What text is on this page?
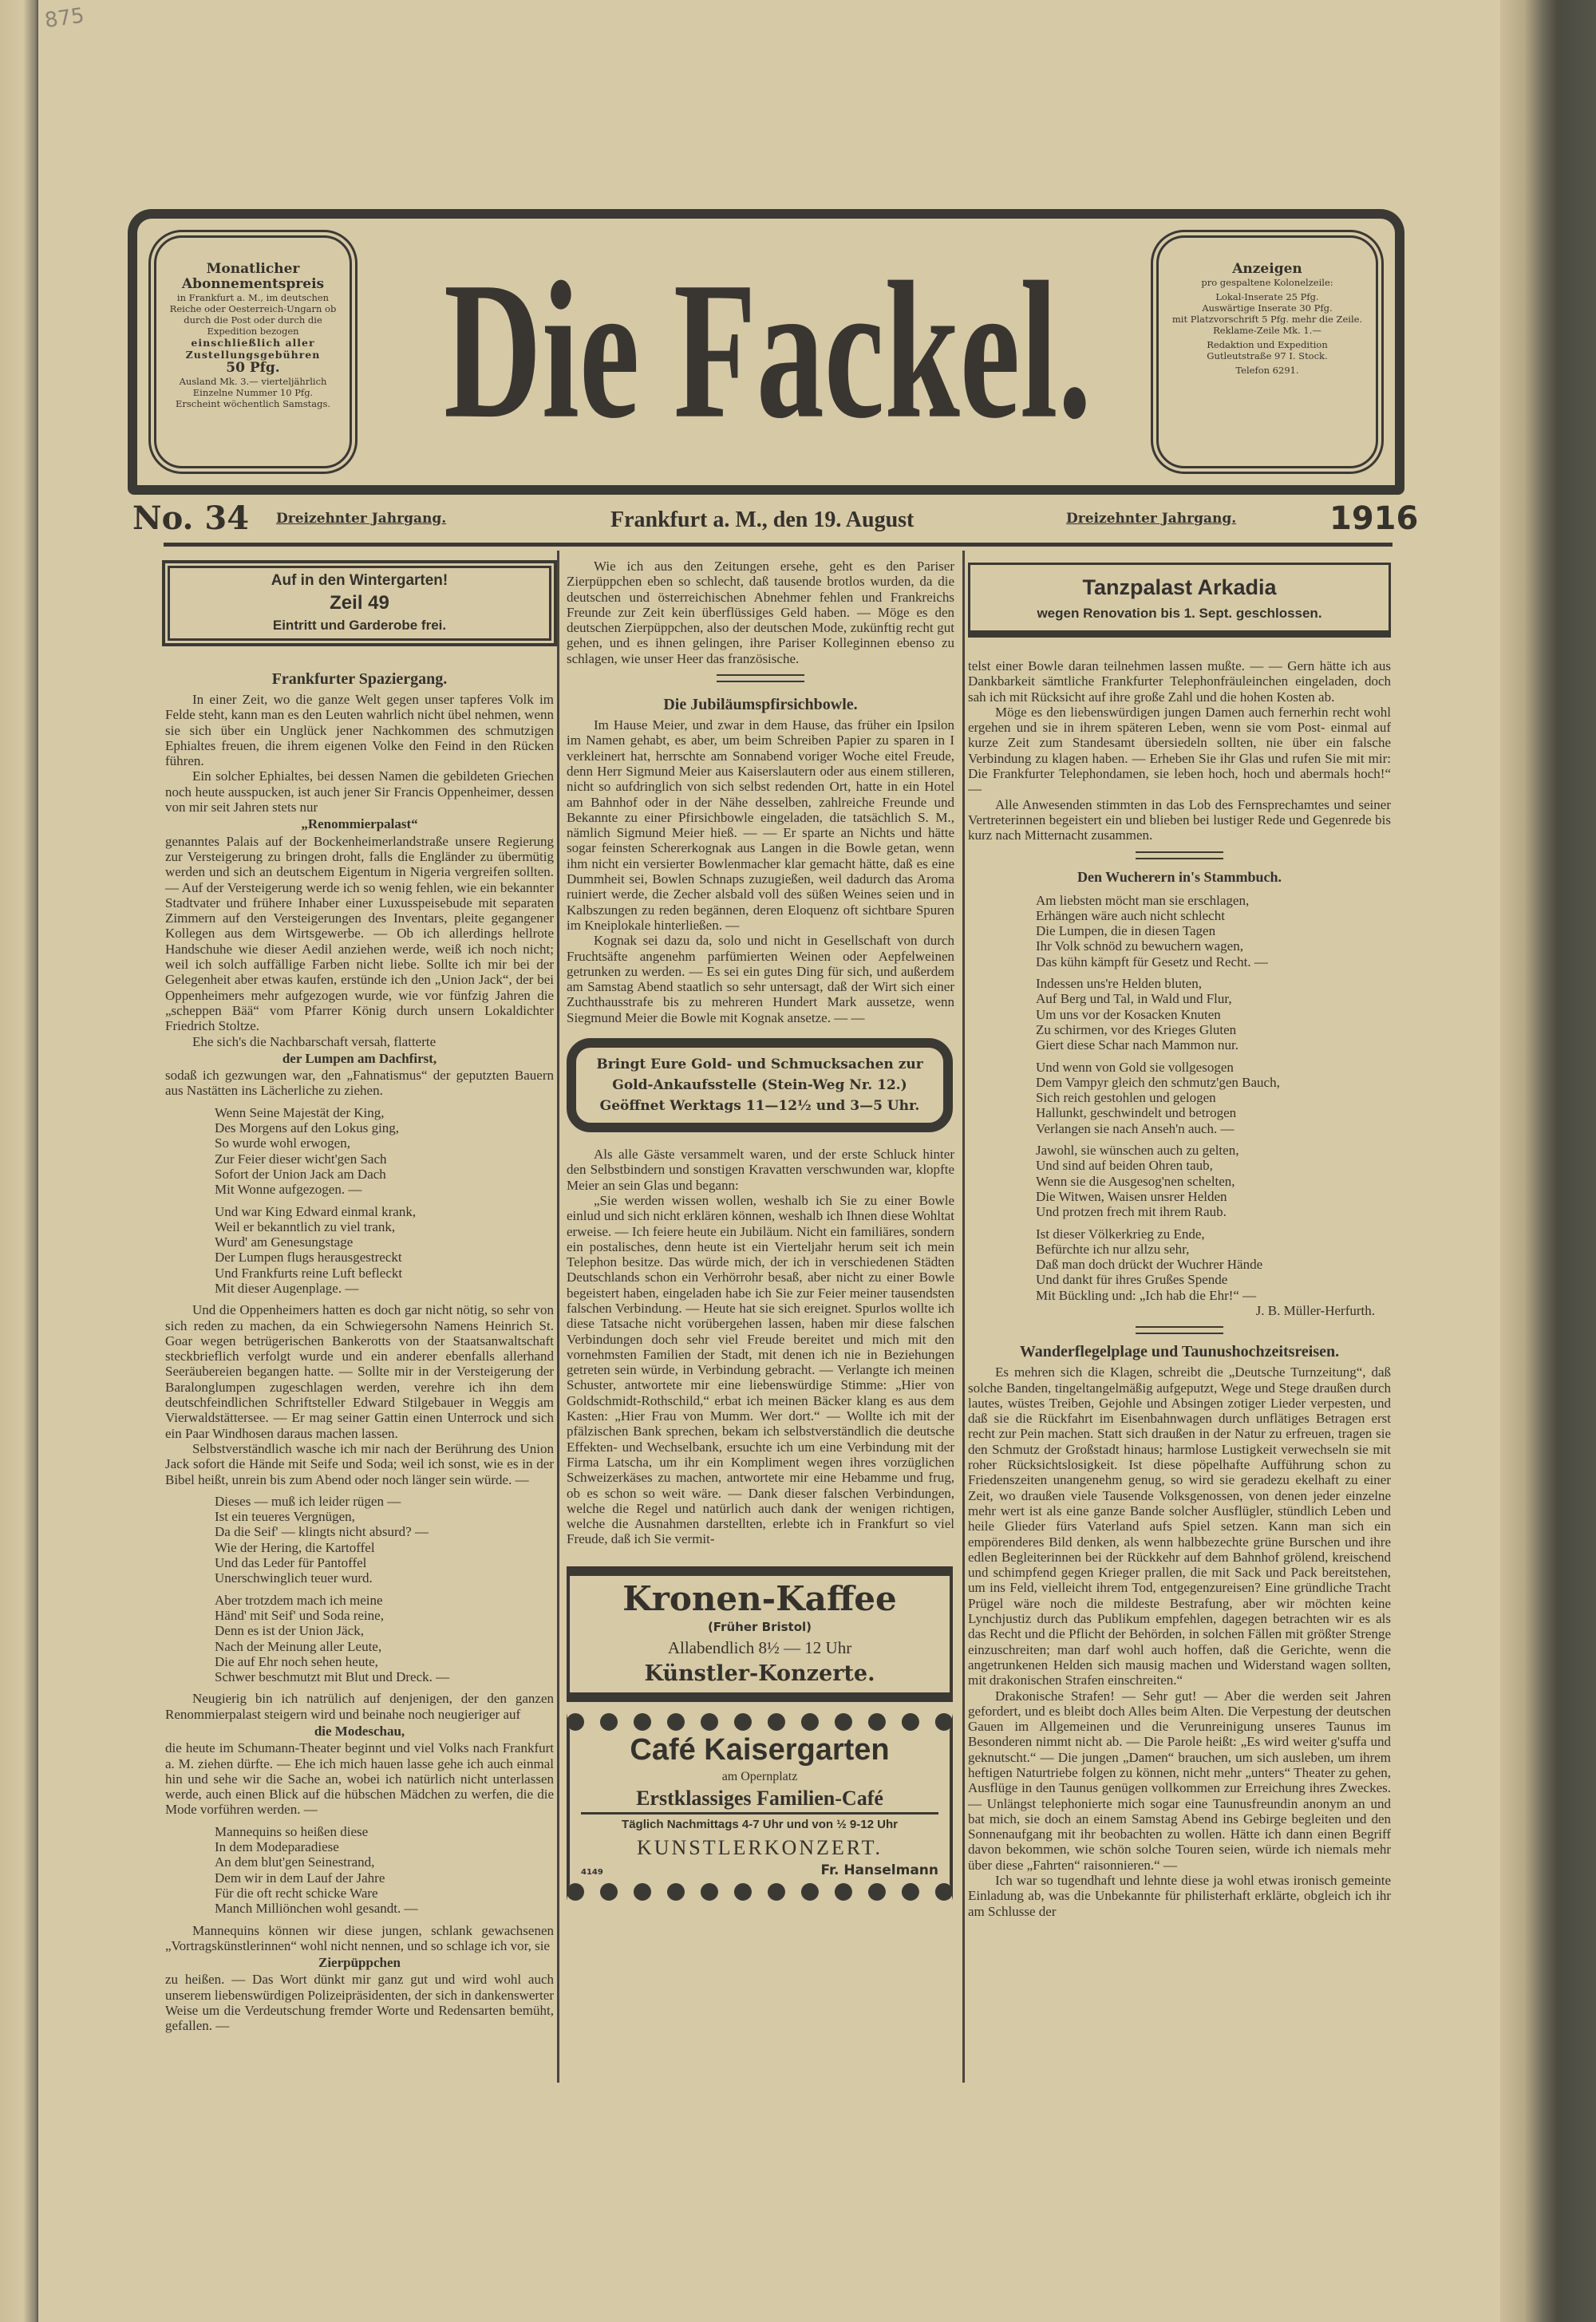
875
Monatlicher
Abonnementspreis
in Frankfurt a. M., im deutschen Reiche oder Oesterreich-Ungarn ob durch die Post oder durch die Expedition bezogen
einschließlich aller Zustellungsgebühren
50 Pfg.
Ausland Mk. 3.— vierteljährlich
Einzelne Nummer 10 Pfg.
Erscheint wöchentlich Samstags. Die Fackel.	Anzeigen
pro gespaltene Kolonelzeile:
Lokal-Inserate 25 Pfg.
Auswärtige Inserate 30 Pfg.
mit Platzvorschrift 5 Pfg. mehr die Zeile.
Reklame-Zeile Mk. 1.—
Redaktion und Expedition
Gutleutstraße 97 I. Stock.
Telefon 6291.
No. 34 Dreizehnter Jahrgang.	Frankfurt a. M., den 19. August	Dreizehnter Jahrgang.	1916
Auf in den Wintergarten!
Zeil 49
Eintritt und Garderobe frei.
Frankfurter Spaziergang.

In einer Zeit, wo die ganze Welt gegen unser tapferes Volk im Felde steht, kann man es den Leuten wahrlich nicht übel nehmen, wenn sie sich über ein Unglück jener Nachkommen des schmutzigen Ephialtes freuen, die ihrem eigenen Volke den Feind in den Rücken führen.

Ein solcher Ephialtes, bei dessen Namen die gebildeten Griechen noch heute ausspucken, ist auch jener Sir Francis Oppenheimer, dessen von mir seit Jahren stets nur

„Renommierpalast“

genanntes Palais auf der Bockenheimerlandstraße unsere Regierung zur Versteigerung zu bringen droht, falls die Engländer zu übermütig werden und sich an deutschem Eigentum in Nigeria vergreifen sollten. — Auf der Versteigerung werde ich so wenig fehlen, wie ein bekannter Stadtvater und frühere Inhaber einer Luxusspeisebude mit separaten Zimmern auf den Versteigerungen des Inventars, pleite gegangener Kollegen aus dem Wirtsgewerbe. — Ob ich allerdings hellrote Handschuhe wie dieser Aedil anziehen werde, weiß ich noch nicht; weil ich solch auffällige Farben nicht liebe. Sollte ich mir bei der Gelegenheit aber etwas kaufen, erstünde ich den „Union Jack“, der bei Oppenheimers mehr aufgezogen wurde, wie vor fünfzig Jahren die „scheppen Bää“ vom Pfarrer König durch unsern Lokaldichter Friedrich Stoltze.

Ehe sich's die Nachbarschaft versah, flatterte

der Lumpen am Dachfirst,

sodaß ich gezwungen war, den „Fahnatismus“ der geputzten Bauern aus Nastätten ins Lächerliche zu ziehen.

Wenn Seine Majestät der King,
Des Morgens auf den Lokus ging,
So wurde wohl erwogen,
Zur Feier dieser wicht'gen Sach
Sofort der Union Jack am Dach
Mit Wonne aufgezogen. —
Und war King Edward einmal krank,
Weil er bekanntlich zu viel trank,
Wurd' am Genesungstage
Der Lumpen flugs herausgestreckt
Und Frankfurts reine Luft befleckt
Mit dieser Augenplage. —

Und die Oppenheimers hatten es doch gar nicht nötig, so sehr von sich reden zu machen, da ein Schwiegersohn Namens Heinrich St. Goar wegen betrügerischen Bankerotts von der Staatsanwaltschaft steckbrieflich verfolgt wurde und ein anderer ebenfalls allerhand Seeräubereien begangen hatte. — Sollte mir in der Versteigerung der Baralonglumpen zugeschlagen werden, verehre ich ihn dem deutschfeindlichen Schriftsteller Edward Stilgebauer in Weggis am Vierwaldstättersee. — Er mag seiner Gattin einen Unterrock und sich ein Paar Windhosen daraus machen lassen.

Selbstverständlich wasche ich mir nach der Berührung des Union Jack sofort die Hände mit Seife und Soda; weil ich sonst, wie es in der Bibel heißt, unrein bis zum Abend oder noch länger sein würde. —

Dieses — muß ich leider rügen —
Ist ein teueres Vergnügen,
Da die Seif' — klingts nicht absurd? —
Wie der Hering, die Kartoffel
Und das Leder für Pantoffel
Unerschwinglich teuer wurd.
Aber trotzdem mach ich meine
Händ' mit Seif' und Soda reine,
Denn es ist der Union Jäck,
Nach der Meinung aller Leute,
Die auf Ehr noch sehen heute,
Schwer beschmutzt mit Blut und Dreck. —

Neugierig bin ich natrülich auf denjenigen, der den ganzen Renommierpalast steigern wird und beinahe noch neugieriger auf

die Modeschau,

die heute im Schumann-Theater beginnt und viel Volks nach Frankfurt a. M. ziehen dürfte. — Ehe ich mich hauen lasse gehe ich auch einmal hin und sehe wir die Sache an, wobei ich natürlich nicht unterlassen werde, auch einen Blick auf die hübschen Mädchen zu werfen, die die Mode vorführen werden. —

Mannequins so heißen diese
In dem Modeparadiese
An dem blut'gen Seinestrand,
Dem wir in dem Lauf der Jahre
Für die oft recht schicke Ware
Manch Milliönchen wohl gesandt. —

Mannequins können wir diese jungen, schlank gewachsenen „Vortragskünstlerinnen“ wohl nicht nennen, und so schlage ich vor, sie

Zierpüppchen

zu heißen. — Das Wort dünkt mir ganz gut und wird wohl auch unserem liebenswürdigen Polizeipräsidenten, der sich in dankenswerter Weise um die Verdeutschung fremder Worte und Redensarten bemüht, gefallen. —

Wie ich aus den Zeitungen ersehe, geht es den Pariser Zierpüppchen eben so schlecht, daß tausende brotlos wurden, da die deutschen und österreichischen Abnehmer fehlen und Frankreichs Freunde zur Zeit kein überflüssiges Geld haben. — Möge es den deutschen Zierpüppchen, also der deutschen Mode, zukünftig recht gut gehen, und es ihnen gelingen, ihre Pariser Kolleginnen ebenso zu schlagen, wie unser Heer das französische.

Die Jubiläumspfirsichbowle.

Im Hause Meier, und zwar in dem Hause, das früher ein Ipsilon im Namen gehabt, es aber, um beim Schreiben Papier zu sparen in I verkleinert hat, herrschte am Sonnabend voriger Woche eitel Freude, denn Herr Sigmund Meier aus Kaiserslautern oder aus einem stilleren, nicht so aufdringlich von sich selbst redenden Ort, hatte in ein Hotel am Bahnhof oder in der Nähe desselben, zahlreiche Freunde und Bekannte zu einer Pfirsichbowle eingeladen, die tatsächlich S. M., nämlich Sigmund Meier hieß. — — Er sparte an Nichts und hätte sogar feinsten Schererkognak aus Langen in die Bowle getan, wenn ihm nicht ein versierter Bowlenmacher klar gemacht hätte, daß es eine Dummheit sei, Bowlen Schnaps zuzugießen, weil dadurch das Aroma ruiniert werde, die Zecher alsbald voll des süßen Weines seien und in Kalbszungen zu reden begännen, deren Eloquenz oft sichtbare Spuren im Kneiplokale hinterließen. —

Kognak sei dazu da, solo und nicht in Gesellschaft von durch Fruchtsäfte angenehm parfümierten Weinen oder Aepfelweinen getrunken zu werden. — Es sei ein gutes Ding für sich, und außerdem am Samstag Abend staatlich so sehr untersagt, daß der Wirt sich einer Zuchthausstrafe bis zu mehreren Hundert Mark aussetze, wenn Siegmund Meier die Bowle mit Kognak ansetze. — —

Bringt Eure Gold- und Schmucksachen zur
Gold-Ankaufsstelle (Stein-Weg Nr. 12.)
Geöffnet Werktags 11—12½ und 3—5 Uhr.

Als alle Gäste versammelt waren, und der erste Schluck hinter den Selbstbindern und sonstigen Kravatten verschwunden war, klopfte Meier an sein Glas und begann:

„Sie werden wissen wollen, weshalb ich Sie zu einer Bowle einlud und sich nicht erklären können, weshalb ich Ihnen diese Wohltat erweise. — Ich feiere heute ein Jubiläum. Nicht ein familiäres, sondern ein postalisches, denn heute ist ein Vierteljahr herum seit ich mein Telephon besitze. Das würde mich, der ich in verschiedenen Städten Deutschlands schon ein Verhörrohr besaß, aber nicht zu einer Bowle begeistert haben, eingeladen habe ich Sie zur Feier meiner tausendsten falschen Verbindung. — Heute hat sie sich ereignet. Spurlos wollte ich diese Tatsache nicht vorübergehen lassen, haben mir diese falschen Verbindungen doch sehr viel Freude bereitet und mich mit den vornehmsten Familien der Stadt, mit denen ich nie in Beziehungen getreten sein würde, in Verbindung gebracht. — Verlangte ich meinen Schuster, antwortete mir eine liebenswürdige Stimme: „Hier von Goldschmidt-Rothschild,“ erbat ich meinen Bäcker klang es aus dem Kasten: „Hier Frau von Mumm. Wer dort.“ — Wollte ich mit der pfälzischen Bank sprechen, bekam ich selbstverständlich die deutsche Effekten- und Wechselbank, ersuchte ich um eine Verbindung mit der Firma Latscha, um ihr ein Kompliment wegen ihres vorzüglichen Schweizerkäses zu machen, antwortete mir eine Hebamme und frug, ob es schon so weit wäre. — Dank dieser falschen Verbindungen, welche die Regel und natürlich auch dank der wenigen richtigen, welche die Ausnahmen darstellten, erlebte ich in Frankfurt so viel Freude, daß ich Sie vermit-

Kronen-Kaffee
(Früher Bristol)
Allabendlich 8½ — 12 Uhr
Künstler-Konzerte.
Café Kaisergarten
am Opernplatz
Erstklassiges Familien-Café
Täglich Nachmittags 4-7 Uhr und von ½ 9-12 Uhr
KUNSTLERKONZERT.
4149	Fr. Hanselmann
Tanzpalast Arkadia
wegen Renovation bis 1. Sept. geschlossen.

telst einer Bowle daran teilnehmen lassen mußte. — — Gern hätte ich aus Dankbarkeit sämtliche Frankfurter Telephonfräuleinchen eingeladen, doch sah ich mit Rücksicht auf ihre große Zahl und die hohen Kosten ab.

Möge es den liebenswürdigen jungen Damen auch fernerhin recht wohl ergehen und sie in ihrem späteren Leben, wenn sie vom Post- einmal auf kurze Zeit zum Standesamt übersiedeln sollten, nie über ein falsche Verbindung zu klagen haben. — Erheben Sie ihr Glas und rufen Sie mit mir: Die Frankfurter Telephondamen, sie leben hoch, hoch und abermals hoch!“ —

Alle Anwesenden stimmten in das Lob des Fernsprechamtes und seiner Vertreterinnen begeistert ein und blieben bei lustiger Rede und Gegenrede bis kurz nach Mitternacht zusammen.

Den Wucherern in's Stammbuch.
Am liebsten möcht man sie erschlagen,
Erhängen wäre auch nicht schlecht
Die Lumpen, die in diesen Tagen
Ihr Volk schnöd zu bewuchern wagen,
Das kühn kämpft für Gesetz und Recht. —
Indessen uns're Helden bluten,
Auf Berg und Tal, in Wald und Flur,
Um uns vor der Kosacken Knuten
Zu schirmen, vor des Krieges Gluten
Giert diese Schar nach Mammon nur.
Und wenn von Gold sie vollgesogen
Dem Vampyr gleich den schmutz'gen Bauch,
Sich reich gestohlen und gelogen
Hallunkt, geschwindelt und betrogen
Verlangen sie nach Anseh'n auch. —
Jawohl, sie wünschen auch zu gelten,
Und sind auf beiden Ohren taub,
Wenn sie die Ausgesog'nen schelten,
Die Witwen, Waisen unsrer Helden
Und protzen frech mit ihrem Raub.
Ist dieser Völkerkrieg zu Ende,
Befürchte ich nur allzu sehr,
Daß man doch drückt der Wuchrer Hände
Und dankt für ihres Grußes Spende
Mit Bückling und: „Ich hab die Ehr!“ —
J. B. Müller-Herfurth.
Wanderflegelplage und Taunushochzeitsreisen.

Es mehren sich die Klagen, schreibt die „Deutsche Turnzeitung“, daß solche Banden, tingeltangelmäßig aufgeputzt, Wege und Stege draußen durch lautes, wüstes Treiben, Gejohle und Absingen zotiger Lieder verpesten, und daß sie die Rückfahrt im Eisenbahnwagen durch unflätiges Betragen erst recht zur Pein machen. Statt sich draußen in der Natur zu erfreuen, tragen sie den Schmutz der Großstadt hinaus; harmlose Lustigkeit verwechseln sie mit roher Rücksichtslosigkeit. Ist diese pöpelhafte Aufführung schon zu Friedenszeiten unangenehm genug, so wird sie geradezu ekelhaft zu einer Zeit, wo draußen viele Tausende Volksgenossen, von denen jeder einzelne mehr wert ist als eine ganze Bande solcher Ausflügler, stündlich Leben und heile Glieder fürs Vaterland aufs Spiel setzen. Kann man sich ein empörenderes Bild denken, als wenn halbbezechte grüne Burschen und ihre edlen Begleiterinnen bei der Rückkehr auf dem Bahnhof grölend, kreischend und schimpfend gegen Krieger prallen, die mit Sack und Pack bereitstehen, um ins Feld, vielleicht ihrem Tod, entgegenzureisen? Eine gründliche Tracht Prügel wäre noch die mildeste Bestrafung, aber wir möchten keine Lynchjustiz durch das Publikum empfehlen, dagegen betrachten wir es als das Recht und die Pflicht der Behörden, in solchen Fällen mit größter Strenge einzuschreiten; man darf wohl auch hoffen, daß die Gerichte, wenn die angetrunkenen Helden sich mausig machen und Widerstand wagen sollten, mit drakonischen Strafen einschreiten.“

Drakonische Strafen! — Sehr gut! — Aber die werden seit Jahren gefordert, und es bleibt doch Alles beim Alten. Die Verpestung der deutschen Gauen im Allgemeinen und die Verunreinigung unseres Taunus im Besonderen nimmt nicht ab. — Die Parole heißt: „Es wird weiter g'suffa und geknutscht.“ — Die jungen „Damen“ brauchen, um sich ausleben, um ihrem heftigen Naturtriebe folgen zu können, nicht mehr „unters“ Theater zu gehen, Ausflüge in den Taunus genügen vollkommen zur Erreichung ihres Zweckes. — Unlängst telephonierte mich sogar eine Taunusfreundin anonym an und bat mich, sie doch an einem Samstag Abend ins Gebirge begleiten und den Sonnenaufgang mit ihr beobachten zu wollen. Hätte ich dann einen Begriff davon bekommen, wie schön solche Touren seien, würde ich niemals mehr über diese „Fahrten“ raisonnieren.“ —

Ich war so tugendhaft und lehnte diese ja wohl etwas ironisch gemeinte Einladung ab, was die Unbekannte für philisterhaft erklärte, obgleich ich ihr am Schlusse der
